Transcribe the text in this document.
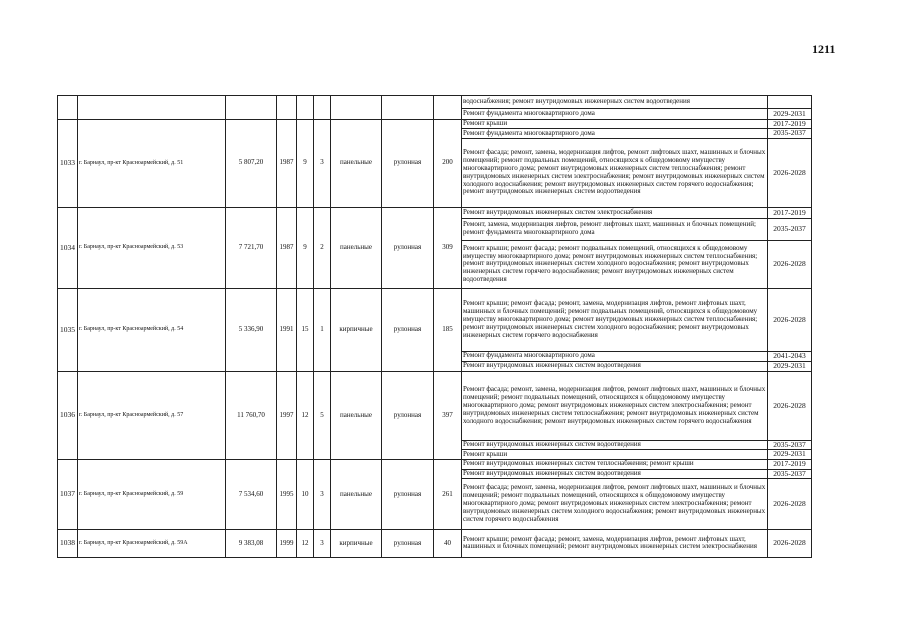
1211
									водоснабжения; ремонт внутридомовых инженерных систем водоотведения	
									Ремонт фундамента многоквартирного дома	2029-2031
1033	г. Барнаул, пр-кт Красноармейский, д. 51	5 807,20	1987	9	3	панельные	рулонная	200	Ремонт крыши	2017-2019
									Ремонт фундамента многоквартирного дома	2035-2037
									Ремонт фасада; ремонт, замена, модернизация лифтов, ремонт лифтовых шахт, машинных и блочных помещений; ремонт подвальных помещений, относящихся к общедомовому имуществу многоквартирного дома; ремонт внутридомовых инженерных систем теплоснабжения; ремонт внутридомовых инженерных систем электроснабжения; ремонт внутридомовых инженерных систем холодного водоснабжения; ремонт внутридомовых инженерных систем горячего водоснабжения; ремонт внутридомовых инженерных систем водоотведения	2026-2028
1034	г. Барнаул, пр-кт Красноармейский, д. 53	7 721,70	1987	9	2	панельные	рулонная	309	Ремонт внутридомовых инженерных систем электроснабжения	2017-2019
									Ремонт, замена, модернизация лифтов, ремонт лифтовых шахт, машинных и блочных помещений; ремонт фундамента многоквартирного дома	2035-2037
									Ремонт крыши; ремонт фасада; ремонт подвальных помещений, относящихся к общедомовому имуществу многоквартирного дома; ремонт внутридомовых инженерных систем теплоснабжения; ремонт внутридомовых инженерных систем холодного водоснабжения; ремонт внутридомовых инженерных систем горячего водоснабжения; ремонт внутридомовых инженерных систем водоотведения	2026-2028
1035	г. Барнаул, пр-кт Красноармейский, д. 54	5 336,90	1991	15	1	кирпичные	рулонная	185	Ремонт крыши; ремонт фасада; ремонт, замена, модернизация лифтов, ремонт лифтовых шахт, машинных и блочных помещений; ремонт подвальных помещений, относящихся к общедомовому имуществу многоквартирного дома; ремонт внутридомовых инженерных систем теплоснабжения; ремонт внутридомовых инженерных систем холодного водоснабжения; ремонт внутридомовых инженерных систем горячего водоснабжения	2026-2028
									Ремонт фундамента многоквартирного дома	2041-2043
									Ремонт внутридомовых инженерных систем водоотведения	2029-2031
1036	г. Барнаул, пр-кт Красноармейский, д. 57	11 760,70	1997	12	5	панельные	рулонная	397	Ремонт фасада; ремонт, замена, модернизация лифтов, ремонт лифтовых шахт, машинных и блочных помещений; ремонт подвальных помещений, относящихся к общедомовому имуществу многоквартирного дома; ремонт внутридомовых инженерных систем электроснабжения; ремонт внутридомовых инженерных систем теплоснабжения; ремонт внутридомовых инженерных систем холодного водоснабжения; ремонт внутридомовых инженерных систем горячего водоснабжения	2026-2028
									Ремонт внутридомовых инженерных систем водоотведения	2035-2037
									Ремонт крыши	2029-2031
1037	г. Барнаул, пр-кт Красноармейский, д. 59	7 534,60	1995	10	3	панельные	рулонная	261	Ремонт внутридомовых инженерных систем теплоснабжения; ремонт крыши	2017-2019
									Ремонт внутридомовых инженерных систем водоотведения	2035-2037
									Ремонт фасада; ремонт, замена, модернизация лифтов, ремонт лифтовых шахт, машинных и блочных помещений; ремонт подвальных помещений, относящихся к общедомовому имуществу многоквартирного дома; ремонт внутридомовых инженерных систем электроснабжения; ремонт внутридомовых инженерных систем холодного водоснабжения; ремонт внутридомовых инженерных систем горячего водоснабжения	2026-2028
1038	г. Барнаул, пр-кт Красноармейский, д. 59А	9 383,08	1999	12	3	кирпичные	рулонная	40	Ремонт крыши; ремонт фасада; ремонт, замена, модернизация лифтов, ремонт лифтовых шахт, машинных и блочных помещений; ремонт внутридомовых инженерных систем электроснабжения	2026-2028
